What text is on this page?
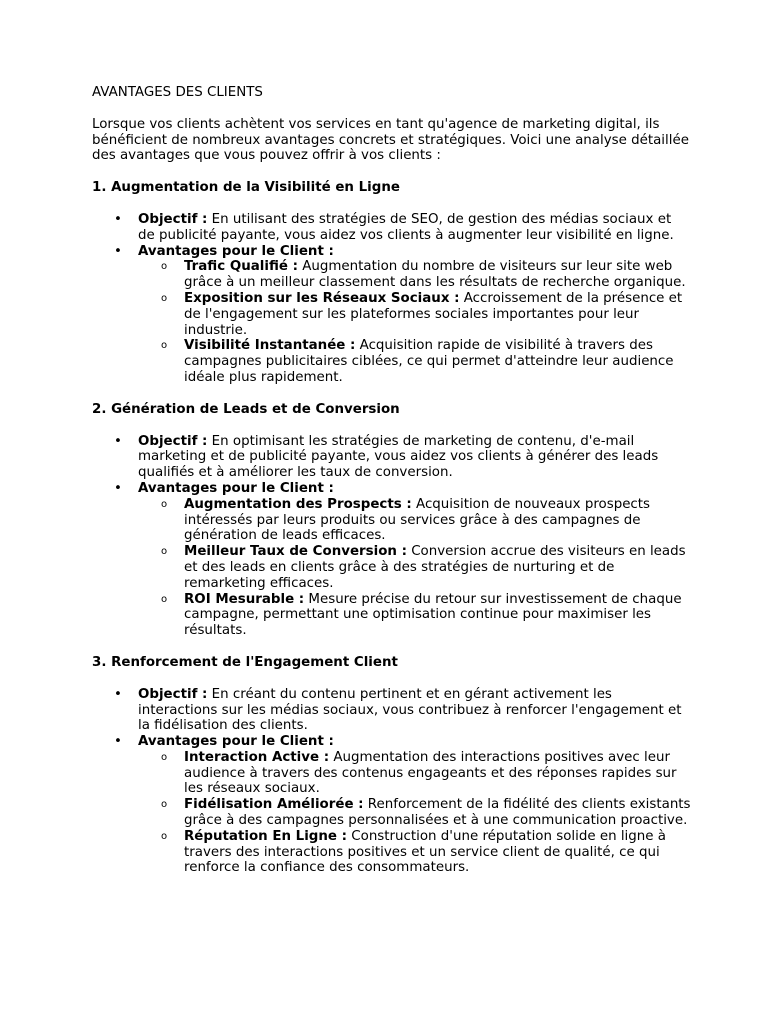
AVANTAGES DES CLIENTS

Lorsque vos clients achètent vos services en tant qu'agence de marketing digital, ils bénéficient de nombreux avantages concrets et stratégiques. Voici une analyse détaillée des avantages que vous pouvez offrir à vos clients :

1. Augmentation de la Visibilité en Ligne

• Objectif : En utilisant des stratégies de SEO, de gestion des médias sociaux et de publicité payante, vous aidez vos clients à augmenter leur visibilité en ligne.
• Avantages pour le Client :
o Trafic Qualifié : Augmentation du nombre de visiteurs sur leur site web grâce à un meilleur classement dans les résultats de recherche organique.
o Exposition sur les Réseaux Sociaux : Accroissement de la présence et de l'engagement sur les plateformes sociales importantes pour leur industrie.
o Visibilité Instantanée : Acquisition rapide de visibilité à travers des campagnes publicitaires ciblées, ce qui permet d'atteindre leur audience idéale plus rapidement.

2. Génération de Leads et de Conversion

• Objectif : En optimisant les stratégies de marketing de contenu, d'e-mail marketing et de publicité payante, vous aidez vos clients à générer des leads qualifiés et à améliorer les taux de conversion.
• Avantages pour le Client :
o Augmentation des Prospects : Acquisition de nouveaux prospects intéressés par leurs produits ou services grâce à des campagnes de génération de leads efficaces.
o Meilleur Taux de Conversion : Conversion accrue des visiteurs en leads et des leads en clients grâce à des stratégies de nurturing et de remarketing efficaces.
o ROI Mesurable : Mesure précise du retour sur investissement de chaque campagne, permettant une optimisation continue pour maximiser les résultats.

3. Renforcement de l'Engagement Client

• Objectif : En créant du contenu pertinent et en gérant activement les interactions sur les médias sociaux, vous contribuez à renforcer l'engagement et la fidélisation des clients.
• Avantages pour le Client :
o Interaction Active : Augmentation des interactions positives avec leur audience à travers des contenus engageants et des réponses rapides sur les réseaux sociaux.
o Fidélisation Améliorée : Renforcement de la fidélité des clients existants grâce à des campagnes personnalisées et à une communication proactive.
o Réputation En Ligne : Construction d'une réputation solide en ligne à travers des interactions positives et un service client de qualité, ce qui renforce la confiance des consommateurs.
